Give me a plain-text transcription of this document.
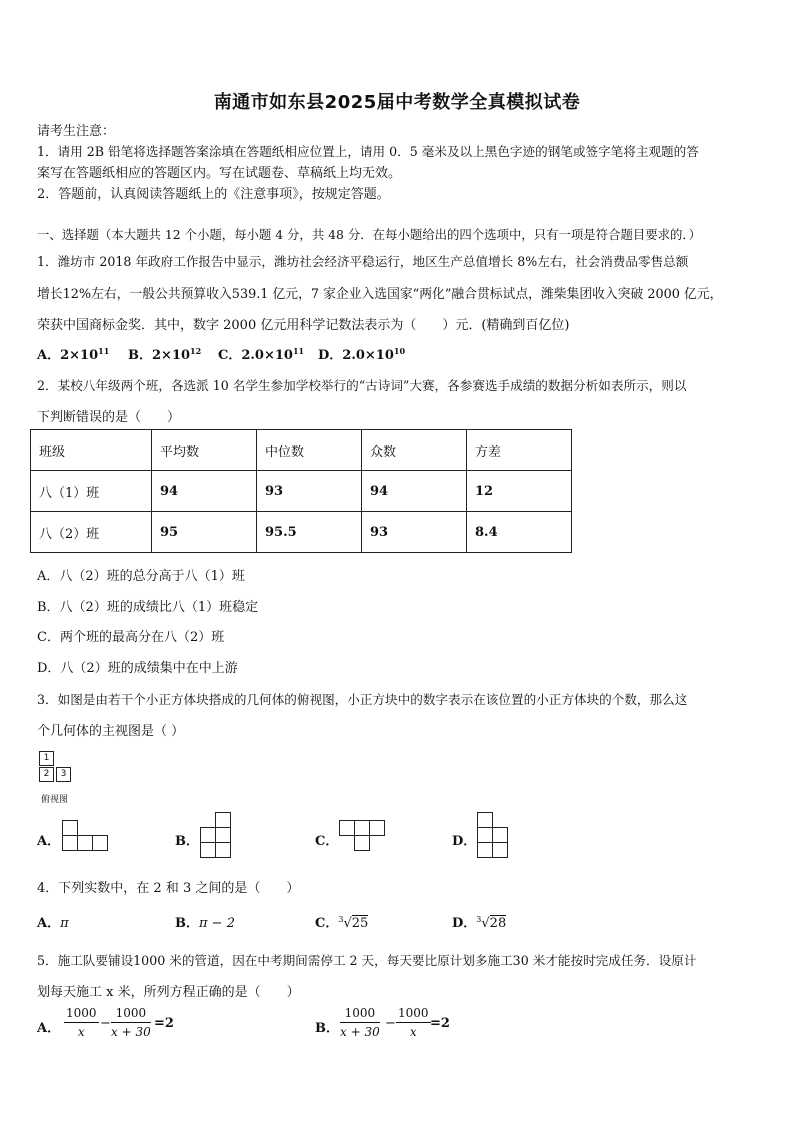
南通市如东县2025届中考数学全真模拟试卷
请考生注意：
1．请用 2B 铅笔将选择题答案涂填在答题纸相应位置上，请用 0．5 毫米及以上黑色字迹的钢笔或签字笔将主观题的答
案写在答题纸相应的答题区内。写在试题卷、草稿纸上均无效。
2．答题前，认真阅读答题纸上的《注意事项》，按规定答题。
一、选择题（本大题共 12 个小题，每小题 4 分，共 48 分．在每小题给出的四个选项中，只有一项是符合题目要求的．）
1．潍坊市 2018 年政府工作报告中显示，潍坊社会经济平稳运行，地区生产总值增长 8%左右，社会消费品零售总额
增长12%左右，一般公共预算收入539.1 亿元，7 家企业入选国家“两化”融合贯标试点，潍柴集团收入突破 2000 亿元，
荣获中国商标金奖．其中，数字 2000 亿元用科学记数法表示为（　　）元．(精确到百亿位)
A．$2\times 10^{11}$ B．$2\times 10^{12}$ C．$2.0\times 10^{11}$ D．$2.0\times 10^{10}$
2．某校八年级两个班，各选派 10 名学生参加学校举行的“古诗词”大赛，各参赛选手成绩的数据分析如表所示，则以
下判断错误的是（　　）
班级	平均数	中位数	众数	方差
八（1）班	94	93	94	12
八（2）班	95	95.5	93	8.4
A．八（2）班的总分高于八（1）班
B．八（2）班的成绩比八（1）班稳定
C．两个班的最高分在八（2）班
D．八（2）班的成绩集中在中上游
3．如图是由若干个小正方体块搭成的几何体的俯视图，小正方块中的数字表示在该位置的小正方体块的个数，那么这
个几何体的主视图是（ ）
1
2	3
俯视图
A．	B．	C．	D．
4．下列实数中，在 2 和 3 之间的是（　　）
A．π	B．π − 2	C．$^3$√25	D．$^3$√28
5．施工队要铺设1000 米的管道，因在中考期间需停工 2 天，每天要比原计划多施工30 米才能按时完成任务．设原计
划每天施工 x 米，所列方程正确的是（　　）
A． $\frac{1000}{x} - \frac{1000}{x + 30} =2$	B． $\frac{1000}{x + 30} - \frac{1000}{x} =2$
